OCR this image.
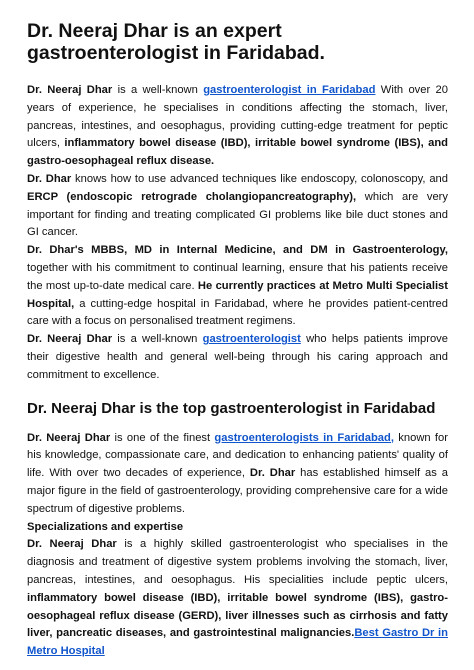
Dr. Neeraj Dhar is an expert gastroenterologist in Faridabad.

Dr. Neeraj Dhar is a well-known gastroenterologist in Faridabad With over 20 years of experience, he specialises in conditions affecting the stomach, liver, pancreas, intestines, and oesophagus, providing cutting-edge treatment for peptic ulcers, inflammatory bowel disease (IBD), irritable bowel syndrome (IBS), and gastro-oesophageal reflux disease.

Dr. Dhar knows how to use advanced techniques like endoscopy, colonoscopy, and ERCP (endoscopic retrograde cholangiopancreatography), which are very important for finding and treating complicated GI problems like bile duct stones and GI cancer.

Dr. Dhar's MBBS, MD in Internal Medicine, and DM in Gastroenterology, together with his commitment to continual learning, ensure that his patients receive the most up-to-date medical care. He currently practices at Metro Multi Specialist Hospital, a cutting-edge hospital in Faridabad, where he provides patient-centred care with a focus on personalised treatment regimens.

Dr. Neeraj Dhar is a well-known gastroenterologist who helps patients improve their digestive health and general well-being through his caring approach and commitment to excellence.

Dr. Neeraj Dhar is the top gastroenterologist in Faridabad

Dr. Neeraj Dhar is one of the finest gastroenterologists in Faridabad, known for his knowledge, compassionate care, and dedication to enhancing patients' quality of life. With over two decades of experience, Dr. Dhar has established himself as a major figure in the field of gastroenterology, providing comprehensive care for a wide spectrum of digestive problems.

Specializations and expertise

Dr. Neeraj Dhar is a highly skilled gastroenterologist who specialises in the diagnosis and treatment of digestive system problems involving the stomach, liver, pancreas, intestines, and oesophagus. His specialities include peptic ulcers, inflammatory bowel disease (IBD), irritable bowel syndrome (IBS), gastro-oesophageal reflux disease (GERD), liver illnesses such as cirrhosis and fatty liver, pancreatic diseases, and gastrointestinal malignancies.Best Gastro Dr in Metro Hospital
